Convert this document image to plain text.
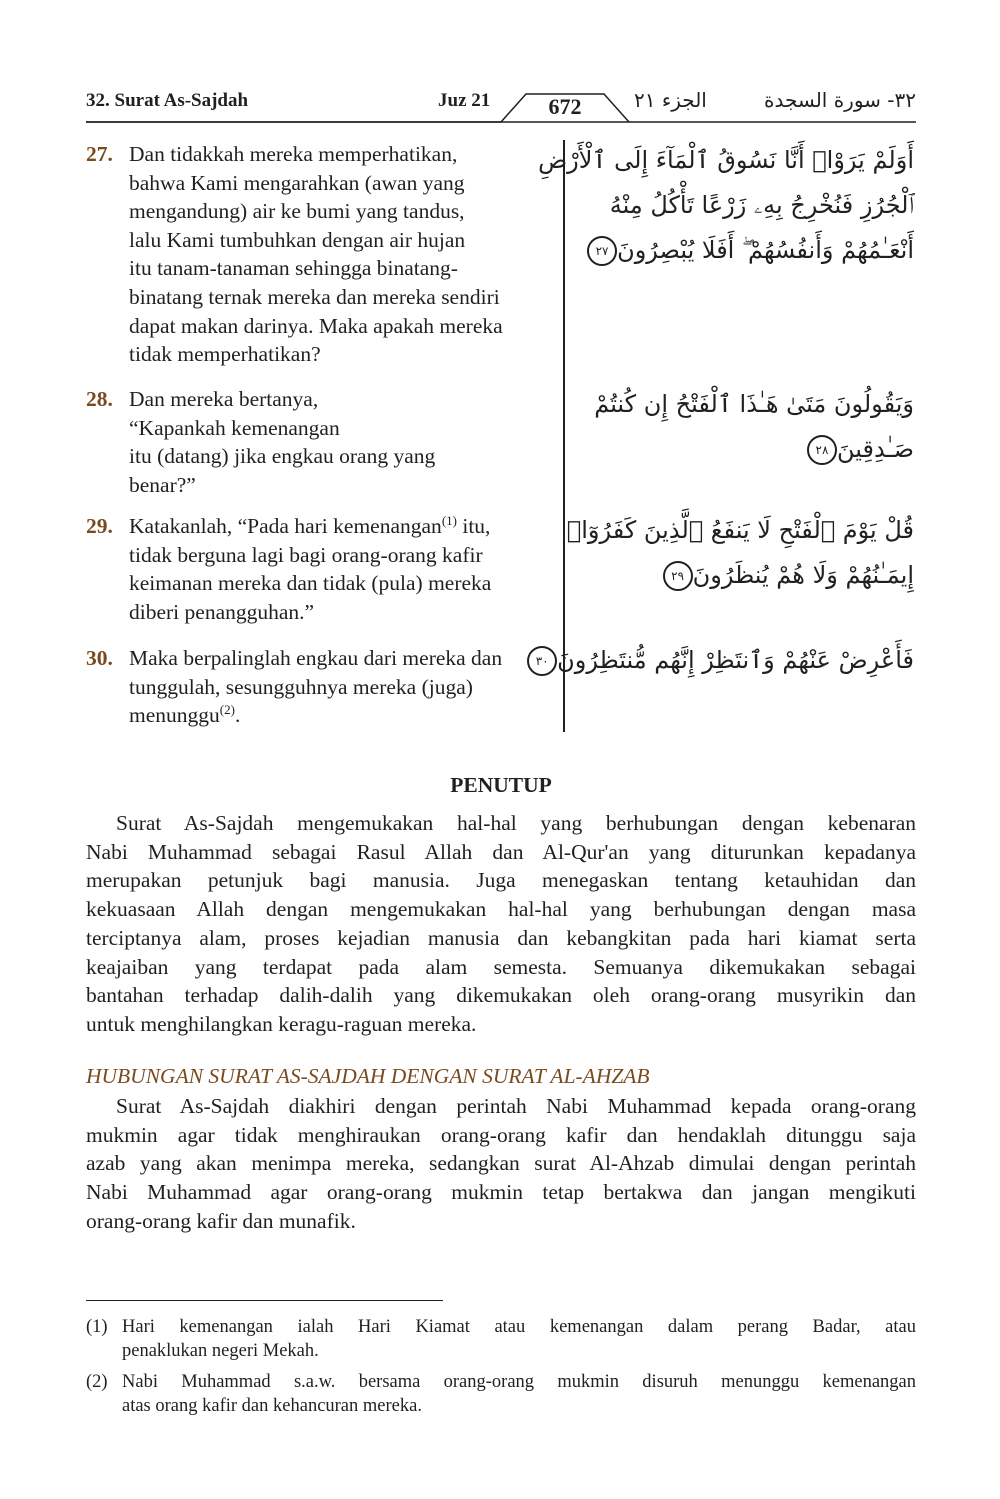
32. Surat As-Sajdah	Juz 21	672	الجزء ٢١	٣٢- سورة السجدة
27. Dan tidakkah mereka memperhatikan,
bahwa Kami mengarahkan (awan yang
mengandung) air ke bumi yang tandus,
lalu Kami tumbuhkan dengan air hujan
itu tanam-tanaman sehingga binatang-
binatang ternak mereka dan mereka sendiri
dapat makan darinya. Maka apakah mereka
tidak memperhatikan?
أَوَلَمْ يَرَوْا۟ أَنَّا نَسُوقُ ٱلْمَآءَ إِلَى ٱلْأَرْضِ
ٱلْجُرُزِ فَنُخْرِجُ بِهِۦ زَرْعًا تَأْكُلُ مِنْهُ
أَنْعَـٰمُهُمْ وَأَنفُسُهُمْ ۖ أَفَلَا يُبْصِرُونَ٢٧
28. Dan mereka bertanya,
“Kapankah kemenangan
itu (datang) jika engkau orang yang
benar?”
وَيَقُولُونَ مَتَىٰ هَـٰذَا ٱلْفَتْحُ إِن كُنتُمْ
صَـٰدِقِينَ٢٨
29. Katakanlah, “Pada hari kemenangan$^{(1)}$ itu,
tidak berguna lagi bagi orang-orang kafir
keimanan mereka dan tidak (pula) mereka
diberi penangguhan.”
قُلْ يَوْمَ ٱلْفَتْحِ لَا يَنفَعُ ٱلَّذِينَ كَفَرُوٓا۟
إِيمَـٰنُهُمْ وَلَا هُمْ يُنظَرُونَ٢٩
30. Maka berpalinglah engkau dari mereka dan
tunggulah, sesungguhnya mereka (juga)
menunggu$^{(2)}$.
فَأَعْرِضْ عَنْهُمْ وَٱنتَظِرْ إِنَّهُم مُّنتَظِرُونَ٣٠
PENUTUP
Surat As-Sajdah mengemukakan hal-hal yang berhubungan dengan kebenaran
Nabi Muhammad sebagai Rasul Allah dan Al-Qur'an yang diturunkan kepadanya
merupakan petunjuk bagi manusia. Juga menegaskan tentang ketauhidan dan
kekuasaan Allah dengan mengemukakan hal-hal yang berhubungan dengan masa
terciptanya alam, proses kejadian manusia dan kebangkitan pada hari kiamat serta
keajaiban yang terdapat pada alam semesta. Semuanya dikemukakan sebagai
bantahan terhadap dalih-dalih yang dikemukakan oleh orang-orang musyrikin dan
untuk menghilangkan keragu-raguan mereka.
HUBUNGAN SURAT AS-SAJDAH DENGAN SURAT AL-AHZAB
Surat As-Sajdah diakhiri dengan perintah Nabi Muhammad kepada orang-orang
mukmin agar tidak menghiraukan orang-orang kafir dan hendaklah ditunggu saja
azab yang akan menimpa mereka, sedangkan surat Al-Ahzab dimulai dengan perintah
Nabi Muhammad agar orang-orang mukmin tetap bertakwa dan jangan mengikuti
orang-orang kafir dan munafik.
(1) Hari kemenangan ialah Hari Kiamat atau kemenangan dalam perang Badar, atau
penaklukan negeri Mekah.
(2) Nabi Muhammad s.a.w. bersama orang-orang mukmin disuruh menunggu kemenangan
atas orang kafir dan kehancuran mereka.
